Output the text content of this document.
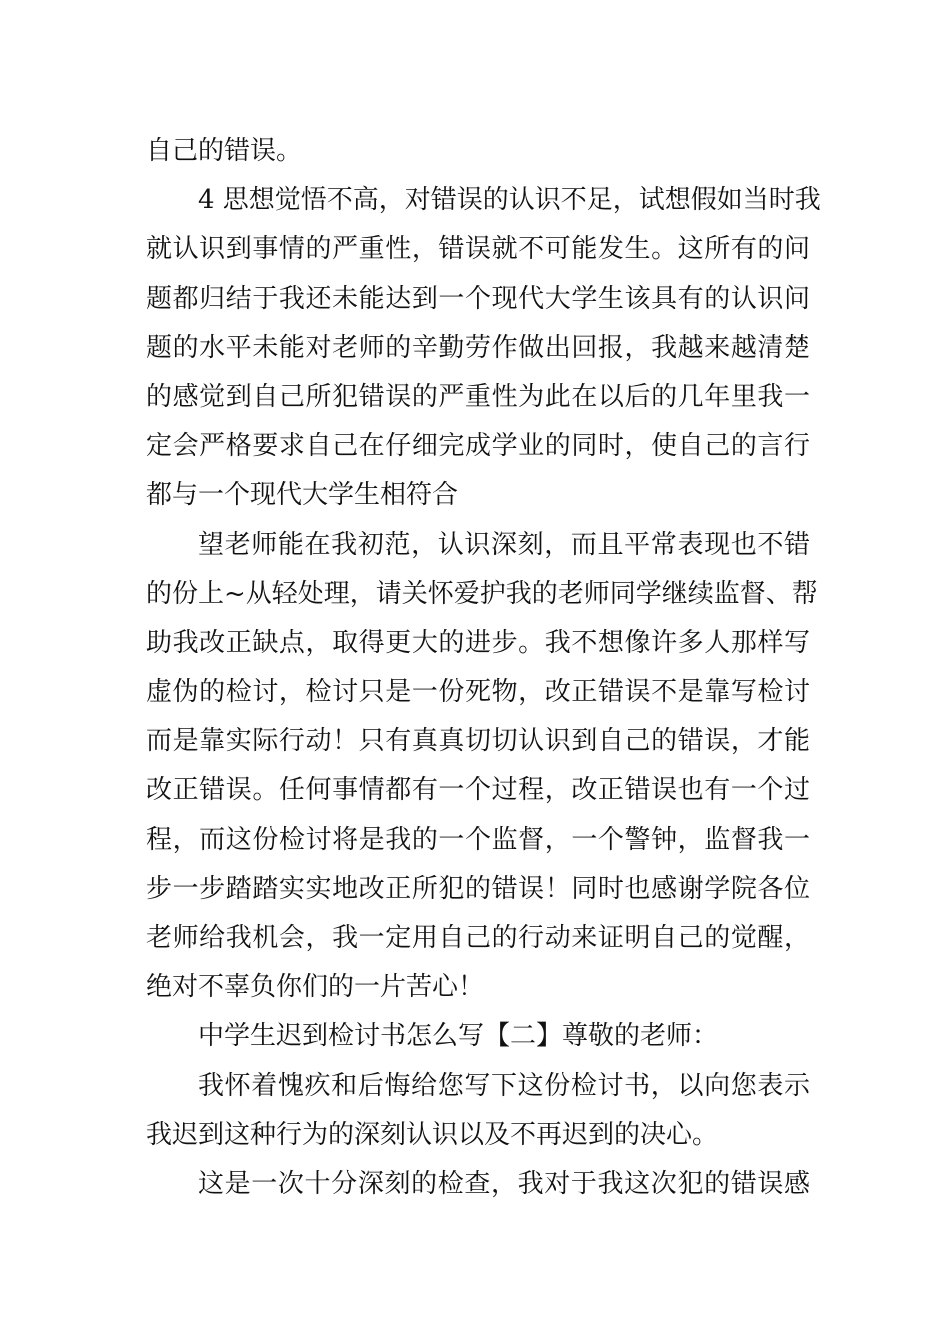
自己的错误。
4 思想觉悟不高，对错误的认识不足，试想假如当时我
就认识到事情的严重性，错误就不可能发生。这所有的问
题都归结于我还未能达到一个现代大学生该具有的认识问
题的水平未能对老师的辛勤劳作做出回报，我越来越清楚
的感觉到自己所犯错误的严重性为此在以后的几年里我一
定会严格要求自己在仔细完成学业的同时，使自己的言行
都与一个现代大学生相符合
望老师能在我初范，认识深刻，而且平常表现也不错
的份上~从轻处理，请关怀爱护我的老师同学继续监督、帮
助我改正缺点，取得更大的进步。我不想像许多人那样写
虚伪的检讨，检讨只是一份死物，改正错误不是靠写检讨
而是靠实际行动！只有真真切切认识到自己的错误，才能
改正错误。任何事情都有一个过程，改正错误也有一个过
程，而这份检讨将是我的一个监督，一个警钟，监督我一
步一步踏踏实实地改正所犯的错误！同时也感谢学院各位
老师给我机会，我一定用自己的行动来证明自己的觉醒，
绝对不辜负你们的一片苦心！
中学生迟到检讨书怎么写【二】尊敬的老师：
我怀着愧疚和后悔给您写下这份检讨书，以向您表示
我迟到这种行为的深刻认识以及不再迟到的决心。
这是一次十分深刻的检查，我对于我这次犯的错误感
